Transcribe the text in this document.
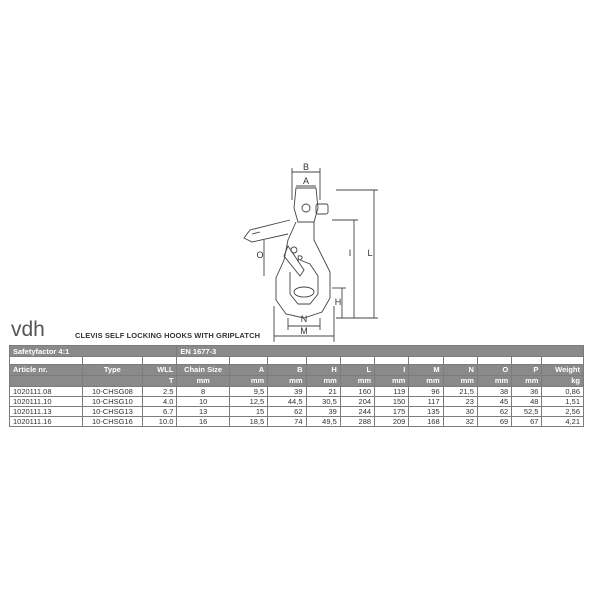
B
A
O	P
I L
H
N
M
vdh	CLEVIS SELF LOCKING HOOKS WITH GRIPLATCH
Safetyfactor 4:1			EN 1677-3										

Article nr.	Type	WLL	Chain Size	A	B	H	L	I	M	N	O	P	Weight
		T	mm	mm	mm	mm	mm	mm	mm	mm	mm	mm	kg
1020111.08	10-CHSG08	2.5	8	9,5	39	21	160	119	96	21,5	38	36	0,86
1020111.10	10-CHSG10	4.0	10	12,5	44,5	30,5	204	150	117	23	45	48	1,51
1020111.13	10-CHSG13	6.7	13	15	62	39	244	175	135	30	62	52,5	2,56
1020111.16	10-CHSG16	10.0	16	18,5	74	49,5	288	209	168	32	69	67	4,21
